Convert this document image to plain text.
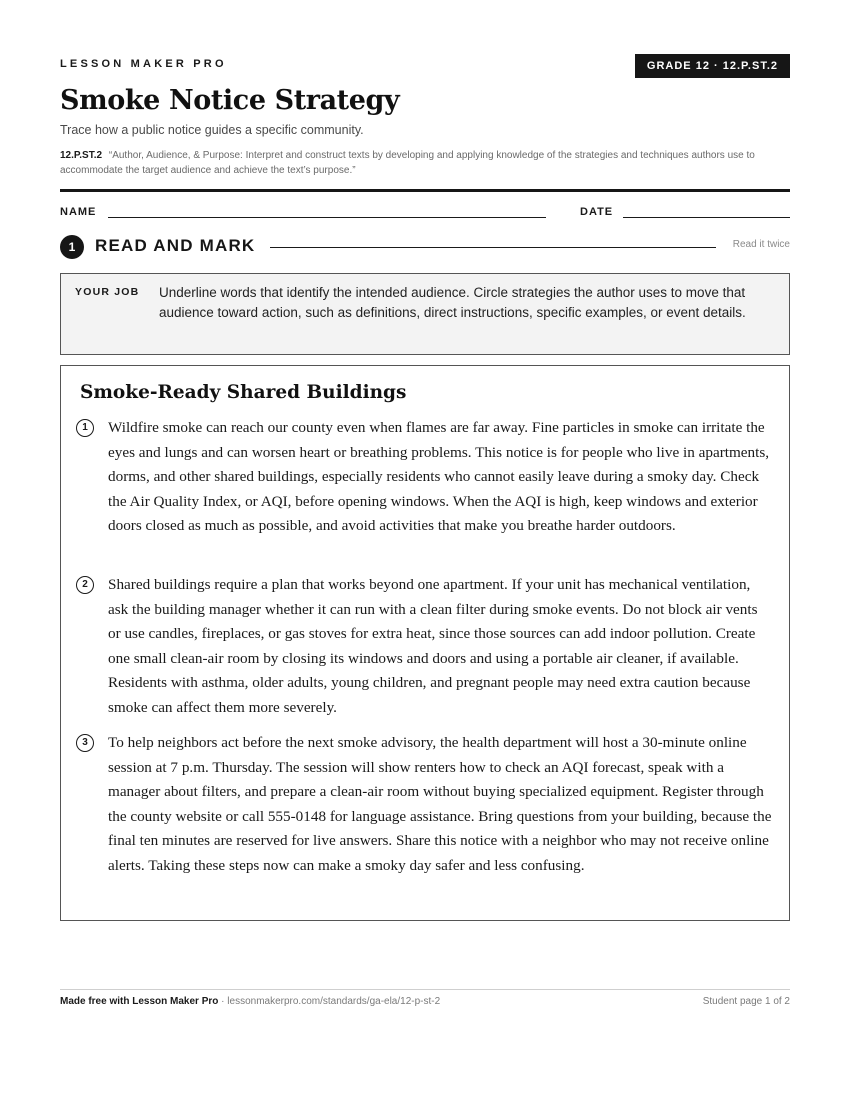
LESSON MAKER PRO	GRADE 12 · 12.P.ST.2
Smoke Notice Strategy
Trace how a public notice guides a specific community.
12.P.ST.2 “Author, Audience, & Purpose: Interpret and construct texts by developing and applying knowledge of the strategies and techniques authors use to accommodate the target audience and achieve the text’s purpose.”
NAME	DATE
1	READ AND MARK	Read it twice
YOUR JOB Underline words that identify the intended audience. Circle strategies the author uses to move that audience toward action, such as definitions, direct instructions, specific examples, or event details.
Smoke-Ready Shared Buildings
1	Wildfire smoke can reach our county even when flames are far away. Fine particles in smoke can irritate the eyes and lungs and can worsen heart or breathing problems. This notice is for people who live in apartments, dorms, and other shared buildings, especially residents who cannot easily leave during a smoky day. Check the Air Quality Index, or AQI, before opening windows. When the AQI is high, keep windows and exterior doors closed as much as possible, and avoid activities that make you breathe harder outdoors.
2	Shared buildings require a plan that works beyond one apartment. If your unit has mechanical ventilation, ask the building manager whether it can run with a clean filter during smoke events. Do not block air vents or use candles, fireplaces, or gas stoves for extra heat, since those sources can add indoor pollution. Create one small clean-air room by closing its windows and doors and using a portable air cleaner, if available. Residents with asthma, older adults, young children, and pregnant people may need extra caution because smoke can affect them more severely.
3	To help neighbors act before the next smoke advisory, the health department will host a 30-minute online session at 7 p.m. Thursday. The session will show renters how to check an AQI forecast, speak with a manager about filters, and prepare a clean-air room without buying specialized equipment. Register through the county website or call 555-0148 for language assistance. Bring questions from your building, because the final ten minutes are reserved for live answers. Share this notice with a neighbor who may not receive online alerts. Taking these steps now can make a smoky day safer and less confusing.
Made free with Lesson Maker Pro · lessonmakerpro.com/standards/ga-ela/12-p-st-2	Student page 1 of 2
